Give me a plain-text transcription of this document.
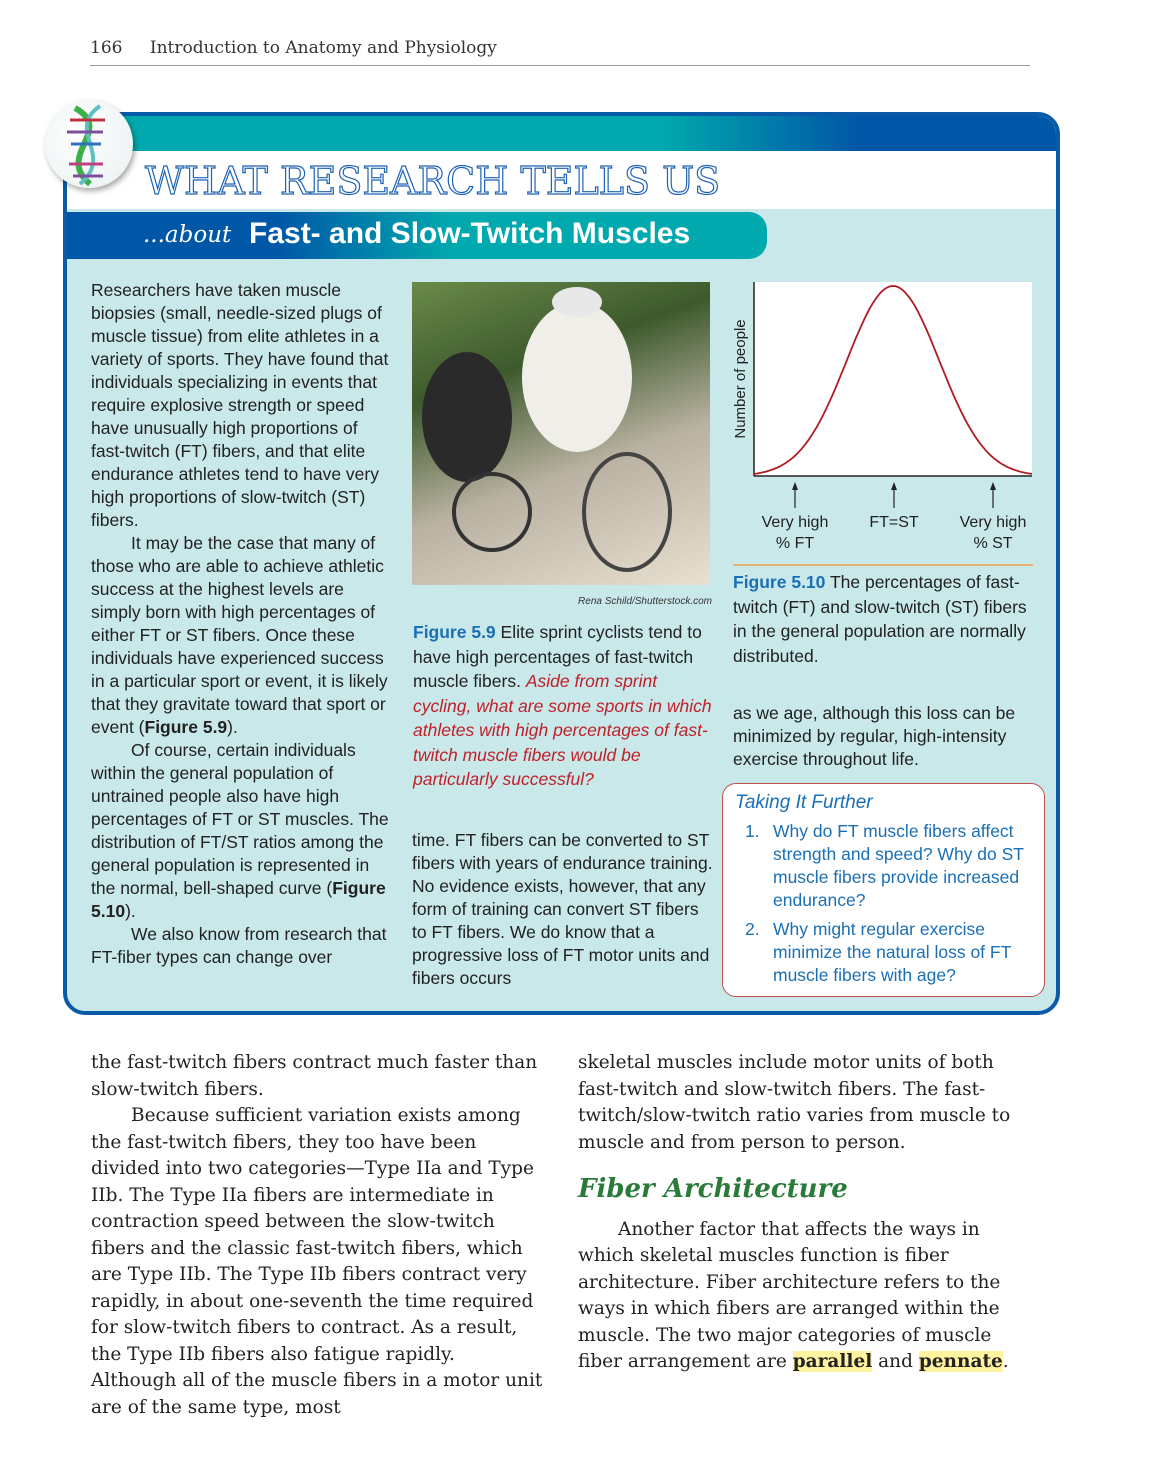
166 Introduction to Anatomy and Physiology
WHAT RESEARCH TELLS US
...about Fast- and Slow-Twitch Muscles

Researchers have taken muscle biopsies (small, needle-sized plugs of muscle tissue) from elite athletes in a variety of sports. They have found that individuals specializing in events that require explosive strength or speed have unusually high proportions of fast-twitch (FT) fibers, and that elite endurance athletes tend to have very high proportions of slow-twitch (ST) fibers.

It may be the case that many of those who are able to achieve athletic success at the highest levels are simply born with high percentages of either FT or ST fibers. Once these individuals have experienced success in a particular sport or event, it is likely that they gravitate toward that sport or event (Figure 5.9).

Of course, certain individuals within the general population of untrained people also have high percentages of FT or ST muscles. The distribution of FT/ST ratios among the general population is represented in the normal, bell-shaped curve (Figure 5.10).

We also know from research that FT-fiber types can change over

Rena Schild/Shutterstock.com
Figure 5.9 Elite sprint cyclists tend to have high percentages of fast-twitch muscle fibers. Aside from sprint cycling, what are some sports in which athletes with high percentages of fast-twitch muscle fibers would be particularly successful?
time. FT fibers can be converted to ST fibers with years of endurance training. No evidence exists, however, that any form of training can convert ST fibers to FT fibers. We do know that a progressive loss of FT motor units and fibers occurs
Number of people
Very high
% FT
FT=ST	Very high
% ST
Figure 5.10 The percentages of fast-twitch (FT) and slow-twitch (ST) fibers in the general population are normally distributed.
as we age, although this loss can be minimized by regular, high-intensity exercise throughout life.
Taking It Further
1. Why do FT muscle fibers affect strength and speed? Why do ST muscle fibers provide increased endurance?
2. Why might regular exercise minimize the natural loss of FT muscle fibers with age?

the fast-twitch fibers contract much faster than slow-twitch fibers.

Because sufficient variation exists among the fast-twitch fibers, they too have been divided into two categories—Type IIa and Type IIb. The Type IIa fibers are intermediate in contraction speed between the slow-twitch fibers and the classic fast-twitch fibers, which are Type IIb. The Type IIb fibers contract very rapidly, in about one-seventh the time required for slow-twitch fibers to contract. As a result, the Type IIb fibers also fatigue rapidly. Although all of the muscle fibers in a motor unit are of the same type, most

skeletal muscles include motor units of both fast-twitch and slow-twitch fibers. The fast-twitch/slow-twitch ratio varies from muscle to muscle and from person to person.

Fiber Architecture

Another factor that affects the ways in which skeletal muscles function is fiber architecture. Fiber architecture refers to the ways in which fibers are arranged within the muscle. The two major categories of muscle fiber arrangement are parallel and pennate.
